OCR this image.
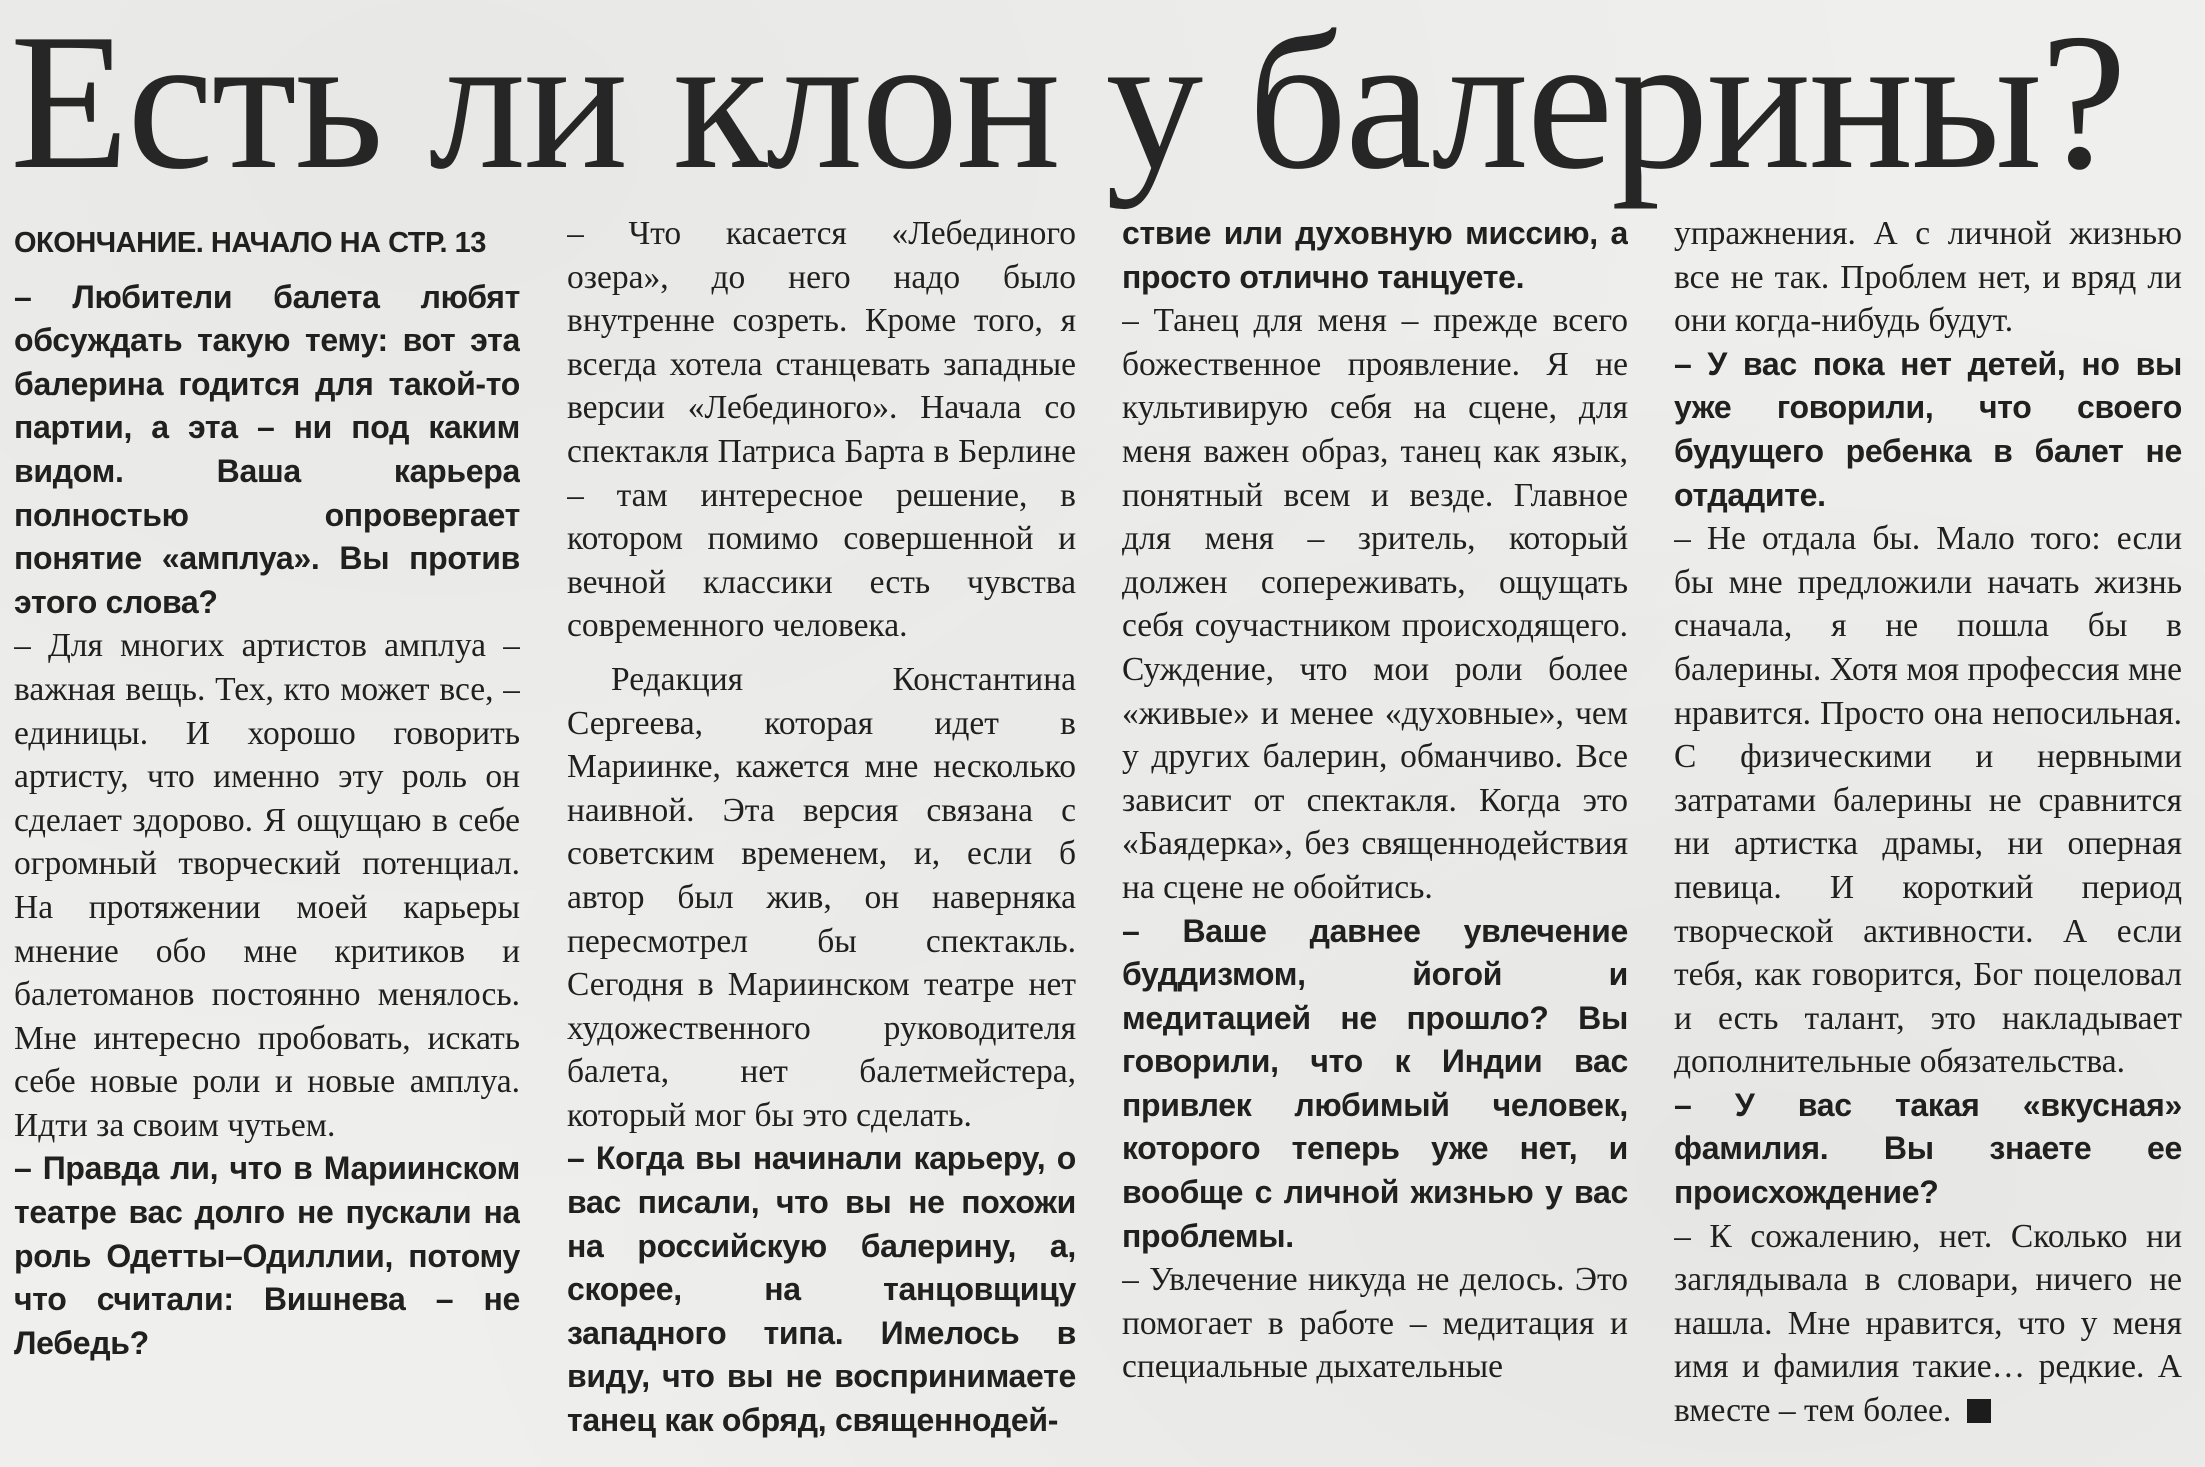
Есть ли клон у балерины?

ОКОНЧАНИЕ. НАЧАЛО НА СТР. 13

– Любители балета любят обсуждать такую тему: вот эта балерина годится для такой-то партии, а эта – ни под каким видом. Ваша карьера полностью опровергает понятие «амплуа». Вы против этого слова?

– Для многих артистов амплуа – важная вещь. Тех, кто может все, – единицы. И хорошо говорить артисту, что именно эту роль он сделает здорово. Я ощущаю в себе огромный творческий потенциал. На протяжении моей карьеры мнение обо мне критиков и балетоманов постоянно менялось. Мне интересно пробовать, искать себе новые роли и новые амплуа. Идти за своим чутьем.

– Правда ли, что в Мариинском театре вас долго не пускали на роль Одетты–Одиллии, потому что считали: Вишнева – не Лебедь?

– Что касается «Лебединого озера», до него надо было внутренне созреть. Кроме того, я всегда хотела станцевать западные версии «Лебединого». Начала со спектакля Патриса Барта в Берлине – там интересное решение, в котором помимо совершенной и вечной классики есть чувства современного человека.

Редакция Константина Сергеева, которая идет в Мариинке, кажется мне несколько наивной. Эта версия связана с советским временем, и, если б автор был жив, он наверняка пересмотрел бы спектакль. Сегодня в Мариинском театре нет художественного руководителя балета, нет балетмейстера, который мог бы это сделать.

– Когда вы начинали карьеру, о вас писали, что вы не похожи на российскую балерину, а, скорее, на танцовщицу западного типа. Имелось в виду, что вы не воспринимаете танец как обряд, священнодей-

ствие или духовную миссию, а просто отлично танцуете.

– Танец для меня – прежде всего божественное проявление. Я не культивирую себя на сцене, для меня важен образ, танец как язык, понятный всем и везде. Главное для меня – зритель, который должен сопереживать, ощущать себя соучастником происходящего. Суждение, что мои роли более «живые» и менее «духовные», чем у других балерин, обманчиво. Все зависит от спектакля. Когда это «Баядерка», без священнодействия на сцене не обойтись.

– Ваше давнее увлечение буддизмом, йогой и медитацией не прошло? Вы говорили, что к Индии вас привлек любимый человек, которого теперь уже нет, и вообще с личной жизнью у вас проблемы.

– Увлечение никуда не делось. Это помогает в работе – медитация и специальные дыхательные

упражнения. А с личной жизнью все не так. Проблем нет, и вряд ли они когда-нибудь будут.

– У вас пока нет детей, но вы уже говорили, что своего будущего ребенка в балет не отдадите.

– Не отдала бы. Мало того: если бы мне предложили начать жизнь сначала, я не пошла бы в балерины. Хотя моя профессия мне нравится. Просто она непосильная. С физическими и нервными затратами балерины не сравнится ни артистка драмы, ни оперная певица. И короткий период творческой активности. А если тебя, как говорится, Бог поцеловал и есть талант, это накладывает дополнительные обязательства.

– У вас такая «вкусная» фамилия. Вы знаете ее происхождение?

– К сожалению, нет. Сколько ни заглядывала в словари, ничего не нашла. Мне нравится, что у меня имя и фамилия такие… редкие. А вместе – тем более.
